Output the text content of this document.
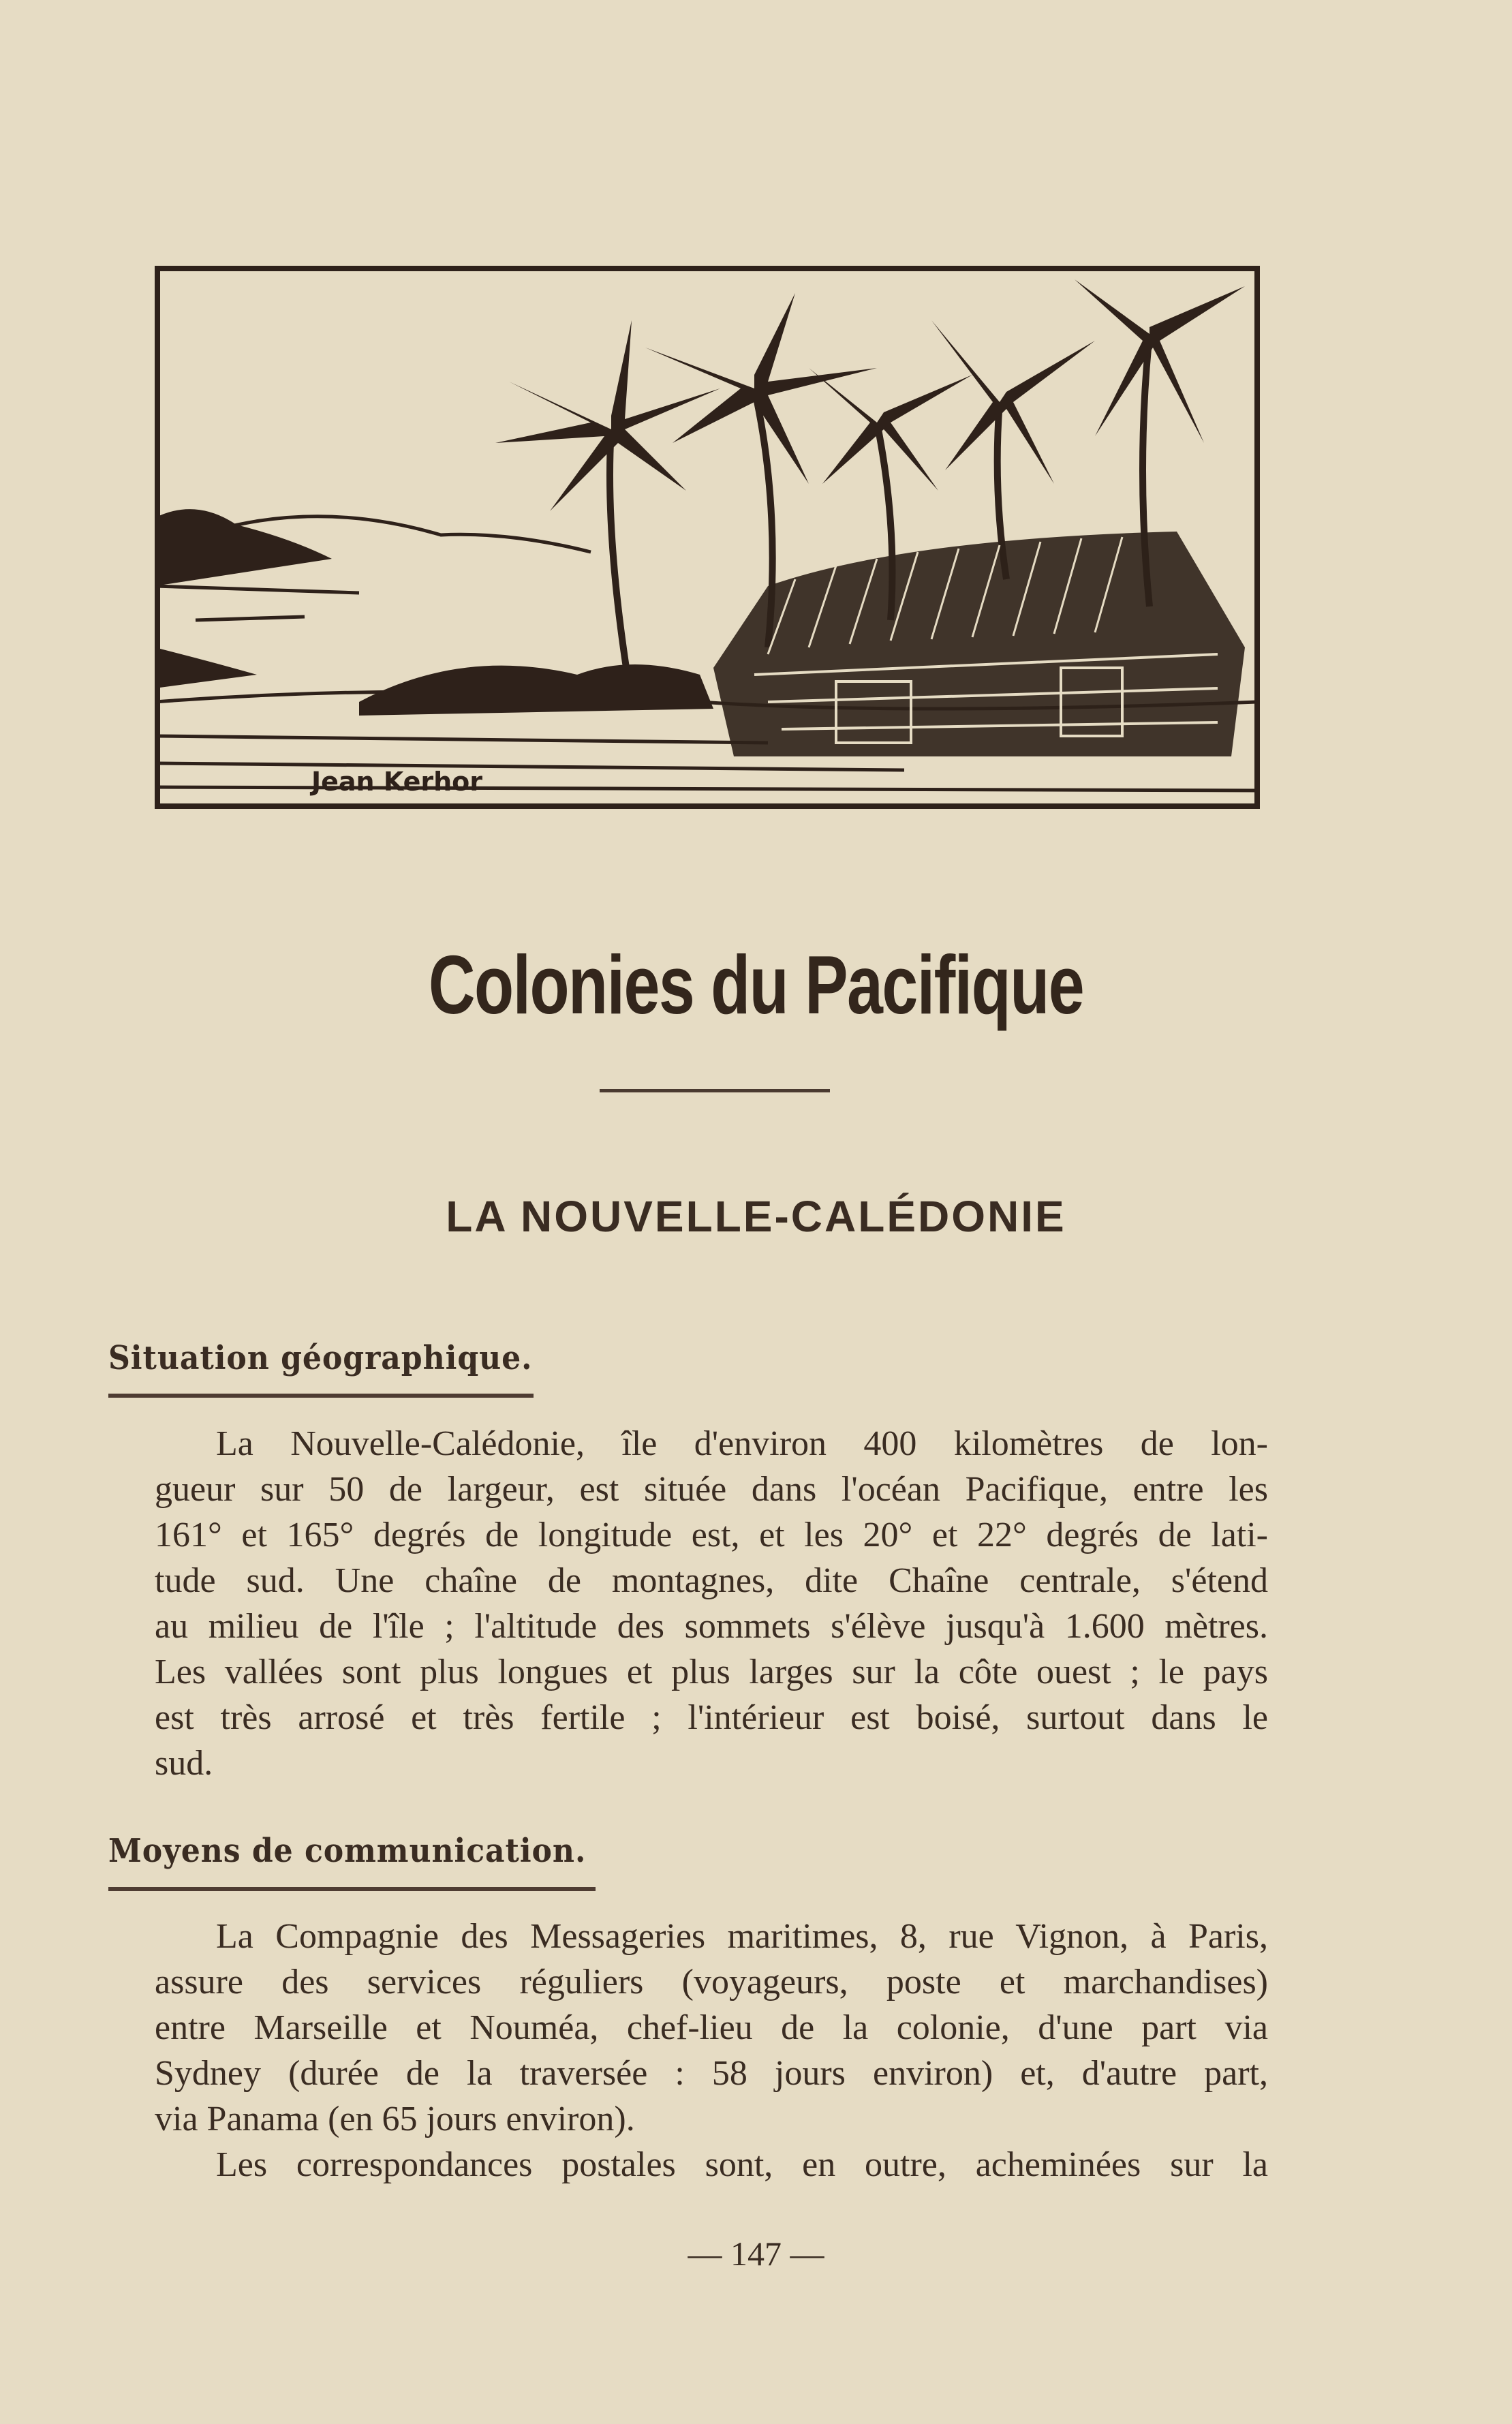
Jean Kerhor
Colonies du Pacifique
LA NOUVELLE-CALÉDONIE
Situation géographique.
La Nouvelle-Calédonie, île d'environ 400 kilomètres de lon-
gueur sur 50 de largeur, est située dans l'océan Pacifique, entre les
161° et 165° degrés de longitude est, et les 20° et 22° degrés de lati-
tude sud. Une chaîne de montagnes, dite Chaîne centrale, s'étend
au milieu de l'île ; l'altitude des sommets s'élève jusqu'à 1.600 mètres.
Les vallées sont plus longues et plus larges sur la côte ouest ; le pays
est très arrosé et très fertile ; l'intérieur est boisé, surtout dans le
sud.
Moyens de communication.
La Compagnie des Messageries maritimes, 8, rue Vignon, à Paris,
assure des services réguliers (voyageurs, poste et marchandises)
entre Marseille et Nouméa, chef-lieu de la colonie, d'une part via
Sydney (durée de la traversée : 58 jours environ) et, d'autre part,
via Panama (en 65 jours environ).
Les correspondances postales sont, en outre, acheminées sur la
— 147 —
